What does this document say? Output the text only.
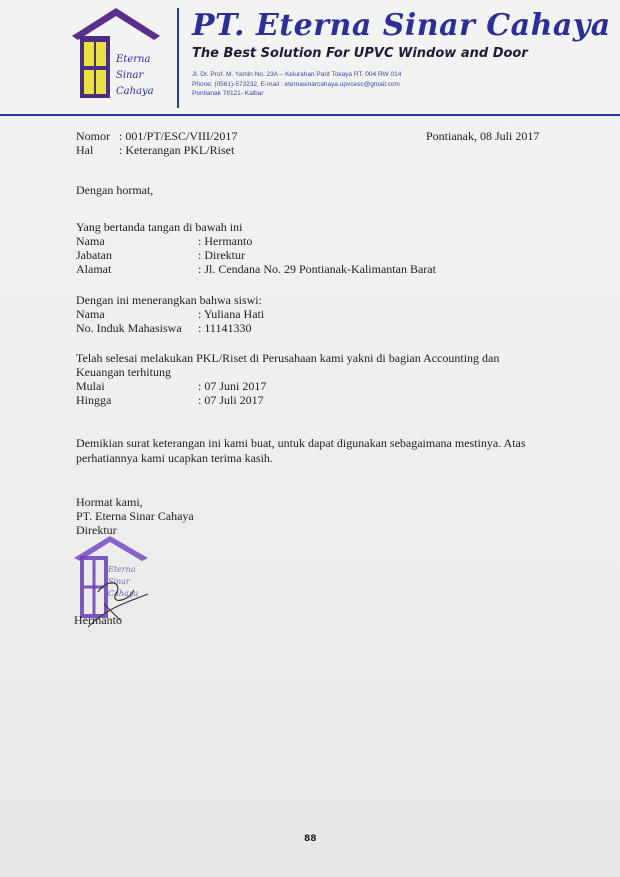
Eterna
Sinar
Cahaya
PT. Eterna Sinar Cahaya
The Best Solution For UPVC Window and Door
Jl. Dr. Prof. M. Yamin No. 23A – Kelurahan Parit Tokaya RT. 004 RW 014
Phone: (0561)-573232, E-mail : eternasinarcahaya.upvcesc@gmail.com
Pontianak 78121- Kalbar
Nomor : 001/PT/ESC/VIII/2017
Hal : Keterangan PKL/Riset
Pontianak, 08 Juli 2017
Dengan hormat,
Yang bertanda tangan di bawah ini
Nama	: Hermanto
Jabatan	: Direktur
Alamat	: Jl. Cendana No. 29 Pontianak-Kalimantan Barat
Dengan ini menerangkan bahwa siswi:
Nama	: Yuliana Hati
No. Induk Mahasiswa : 11141330
Telah selesai melakukan PKL/Riset di Perusahaan kami yakni di bagian Accounting dan
Keuangan terhitung
Mulai	: 07 Juni 2017
Hingga	: 07 Juli 2017
Demikian surat keterangan ini kami buat, untuk dapat digunakan sebagaimana mestinya. Atas
perhatiannya kami ucapkan terima kasih.
Hormat kami,
PT. Eterna Sinar Cahaya
Direktur
Eterna
Sinar
Cahaya
Hermanto
88
